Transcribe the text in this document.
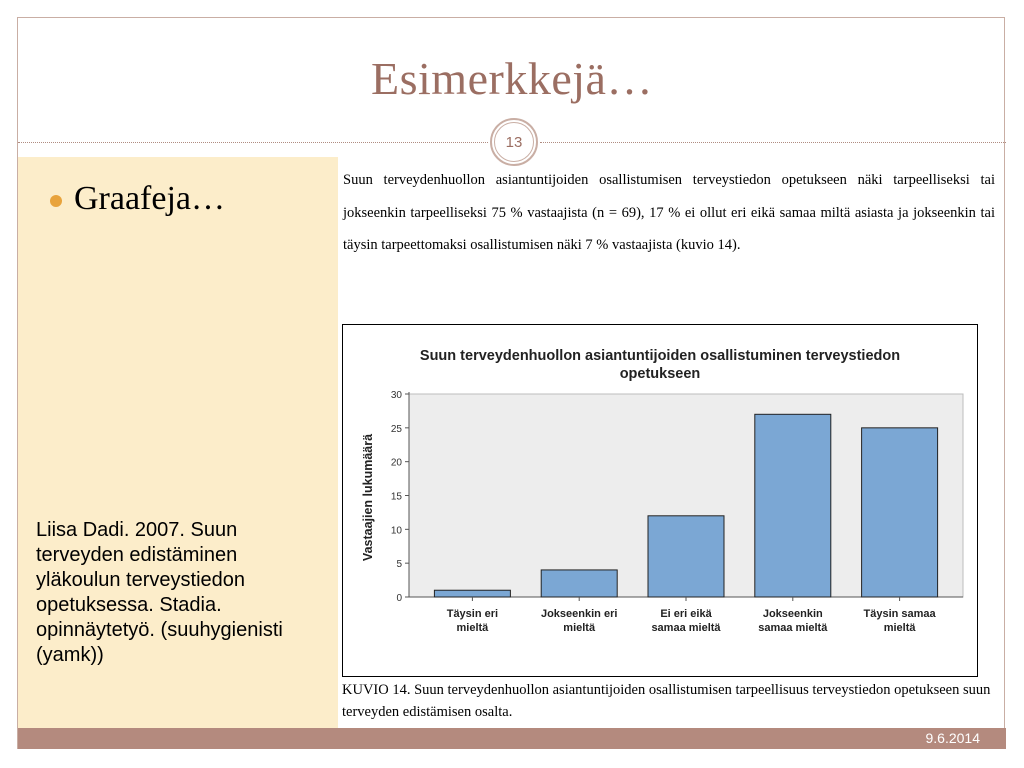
Esimerkkejä…
13
Graafeja…
Liisa Dadi. 2007. Suun terveyden edistäminen yläkoulun terveystiedon opetuksessa. Stadia. opinnäytetyö. (suuhygienisti (yamk))
Suun terveydenhuollon asiantuntijoiden osallistumisen terveystiedon opetukseen näki tarpeelliseksi tai jokseenkin tarpeelliseksi 75 % vastaajista (n = 69), 17 % ei ollut eri eikä samaa miltä asiasta ja jokseenkin tai täysin tarpeettomaksi osallistumisen näki 7 % vastaajista (kuvio 14).
Suun terveydenhuollon asiantuntijoiden osallistuminen terveystiedon
opetukseen
0
5
10
15
20
25
30
Vastaajien lukumäärä
Täysin eri
mieltä
Jokseenkin eri
mieltä
Ei eri eikä
samaa mieltä
Jokseenkin
samaa mieltä
Täysin samaa
mieltä
KUVIO 14. Suun terveydenhuollon asiantuntijoiden osallistumisen tarpeellisuus terveystiedon opetukseen suun terveyden edistämisen osalta.
9.6.2014
